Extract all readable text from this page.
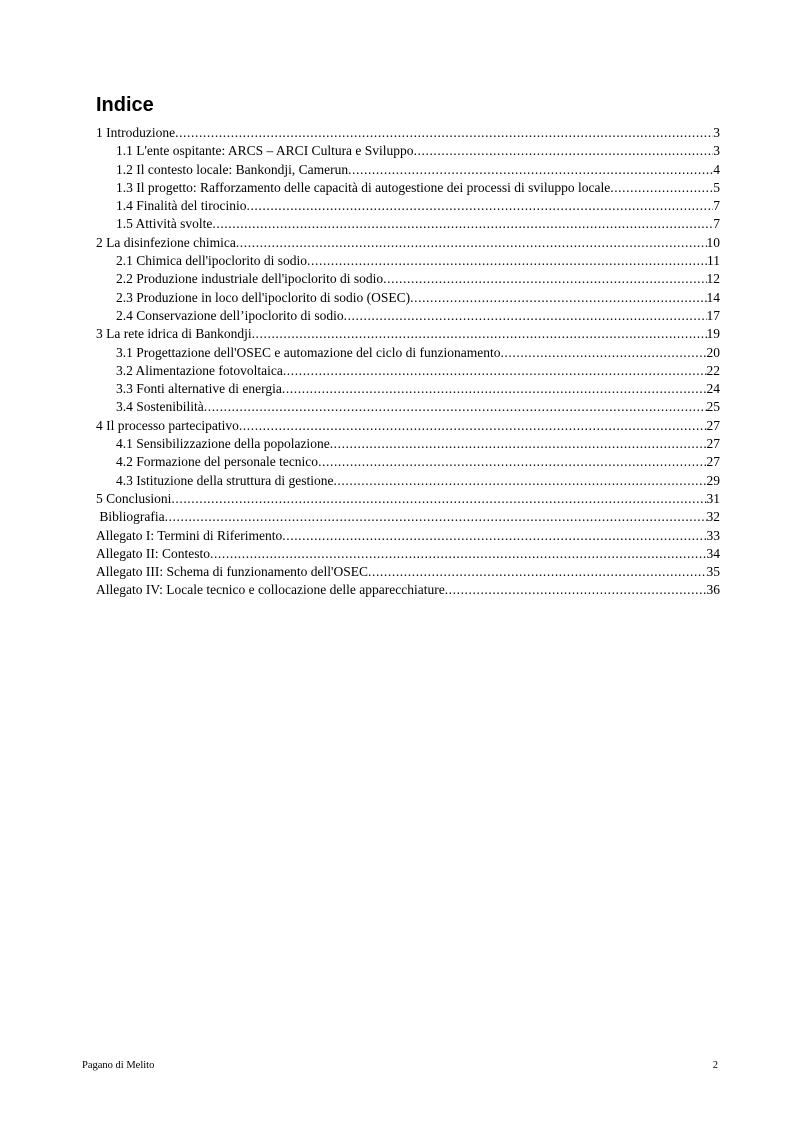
Indice
1 Introduzione .....	3
1.1 L'ente ospitante: ARCS – ARCI Cultura e Sviluppo .....	3
1.2 Il contesto locale: Bankondji, Camerun .....	4
1.3 Il progetto: Rafforzamento delle capacità di autogestione dei processi di sviluppo locale .....	5
1.4 Finalità del tirocinio .....	7
1.5 Attività svolte .....	7
2 La disinfezione chimica .....	10
2.1 Chimica dell'ipoclorito di sodio .....	11
2.2 Produzione industriale dell'ipoclorito di sodio .....	12
2.3 Produzione in loco dell'ipoclorito di sodio (OSEC) .....	14
2.4 Conservazione dell’ipoclorito di sodio .....	17
3 La rete idrica di Bankondji .....	19
3.1 Progettazione dell'OSEC e automazione del ciclo di funzionamento .....	20
3.2 Alimentazione fotovoltaica .....	22
3.3 Fonti alternative di energia .....	24
3.4 Sostenibilità .....	25
4 Il processo partecipativo .....	27
4.1 Sensibilizzazione della popolazione .....	27
4.2 Formazione del personale tecnico .....	27
4.3 Istituzione della struttura di gestione .....	29
5 Conclusioni .....	31
Bibliografia .....	32
Allegato I: Termini di Riferimento .....	33
Allegato II: Contesto .....	34
Allegato III: Schema di funzionamento dell'OSEC .....	35
Allegato IV: Locale tecnico e collocazione delle apparecchiature .....	36
Pagano di Melito	2
